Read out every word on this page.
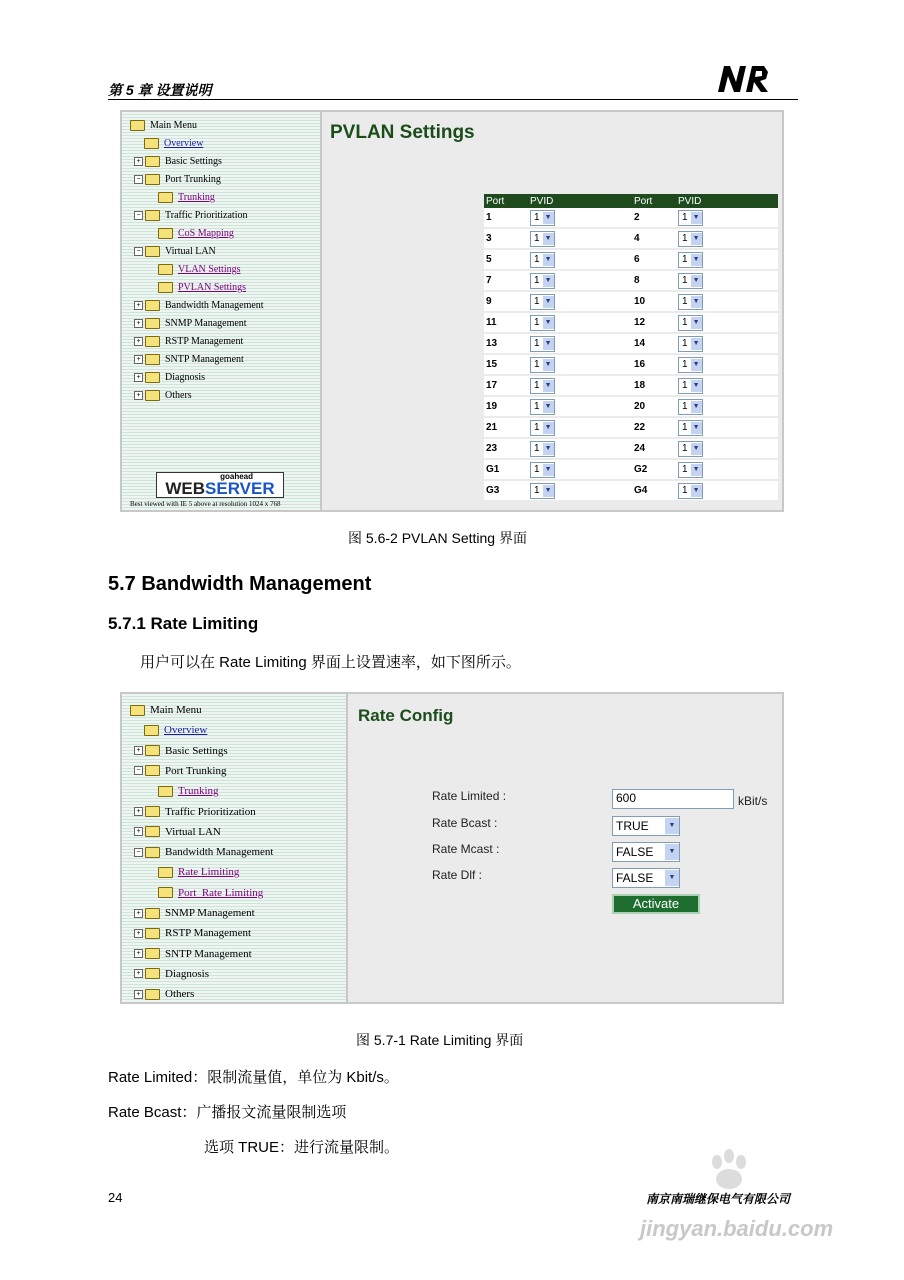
第 5 章 设置说明
Main Menu
Overview
+ Basic Settings
− Port Trunking
Trunking
− Traffic Prioritization
CoS Mapping
− Virtual LAN
VLAN Settings
PVLAN Settings
+ Bandwidth Management
+ SNMP Management
+ RSTP Management
+ SNTP Management
+ Diagnosis
+ Others
goahead
WEBSERVER
Best viewed with IE 5 above at resolution 1024 x 768
PVLAN Settings
Port	PVID	Port	PVID
1	1 ▼	2	1 ▼

3	1 ▼	4	1 ▼

5	1 ▼	6	1 ▼

7	1 ▼	8	1 ▼

9	1 ▼	10	1 ▼

11	1 ▼	12	1 ▼

13	1 ▼	14	1 ▼

15	1 ▼	16	1 ▼

17	1 ▼	18	1 ▼

19	1 ▼	20	1 ▼

21	1 ▼	22	1 ▼

23	1 ▼	24	1 ▼

G1	1 ▼	G2	1 ▼

G3	1 ▼	G4	1 ▼
图 5.6-2 PVLAN Setting 界面
5.7 Bandwidth Management
5.7.1 Rate Limiting
用户可以在 Rate Limiting 界面上设置速率，如下图所示。
Main Menu
Overview
+ Basic Settings
− Port Trunking
Trunking
+ Traffic Prioritization
+ Virtual LAN
− Bandwidth Management
Rate Limiting
Port_Rate Limiting
+ SNMP Management
+ RSTP Management
+ SNTP Management
+ Diagnosis
+ Others
Rate Config
Rate Limited :	600	kBit/s
Rate Bcast :	TRUE	▼
Rate Mcast :	FALSE	▼
Rate Dlf :	FALSE	▼
Activate
图 5.7-1 Rate Limiting 界面
Rate Limited：限制流量值，单位为 Kbit/s。
Rate Bcast：广播报文流量限制选项
选项 TRUE：进行流量限制。
24	南京南瑞继保电气有限公司
jingyan.baidu.com
